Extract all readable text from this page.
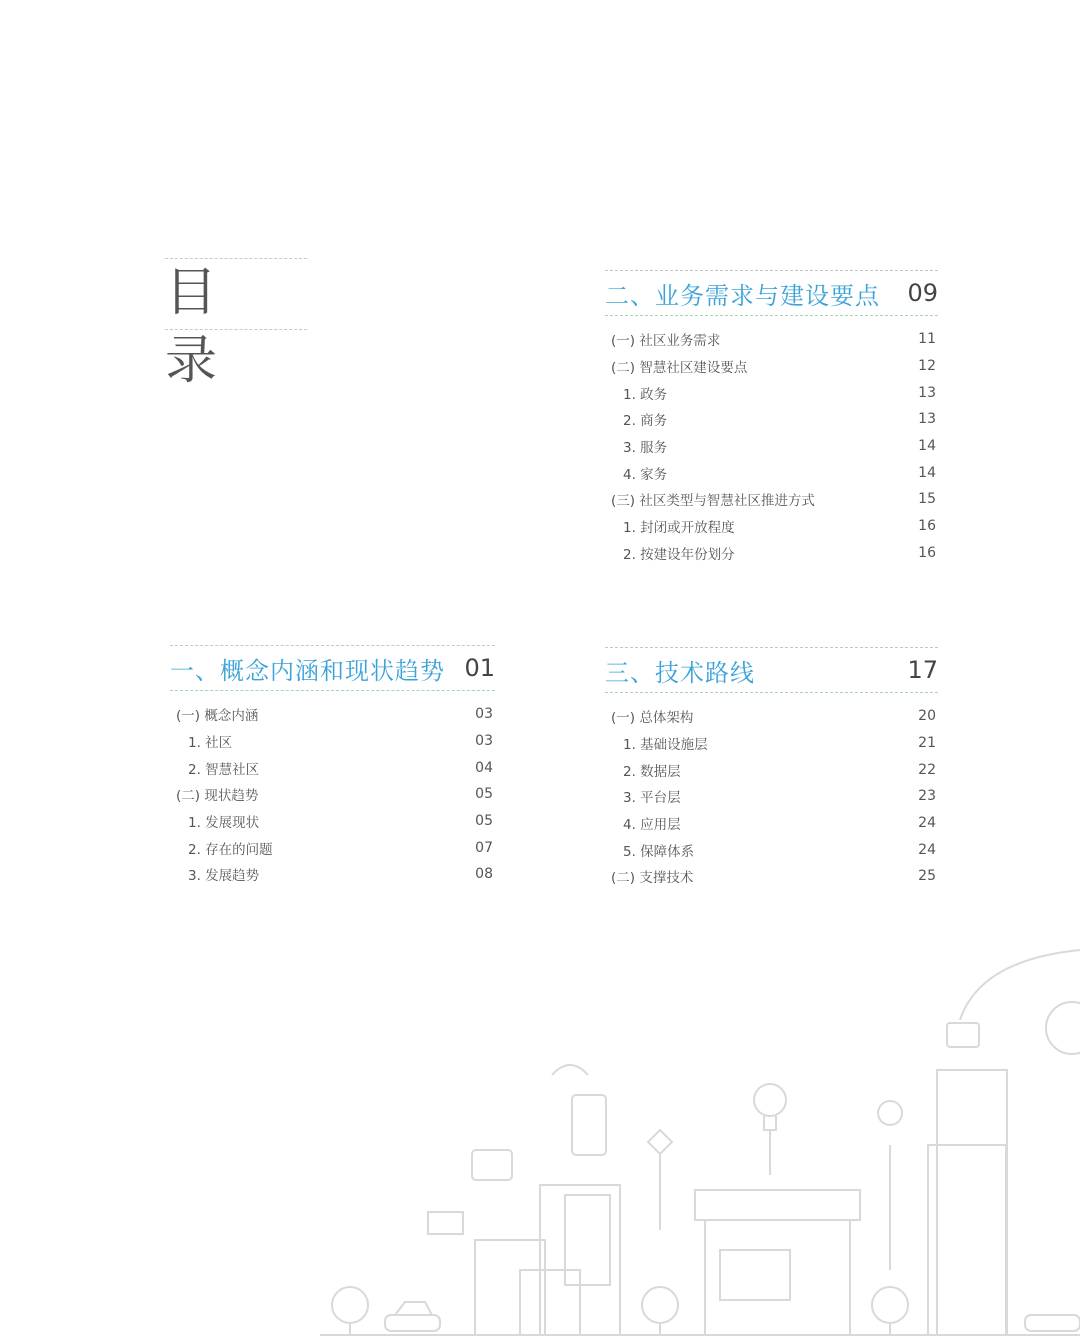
目 录
一、概念内涵和现状趋势 01
(一) 概念内涵	03
1. 社区	03
2. 智慧社区	04
(二) 现状趋势	05
1. 发展现状	05
2. 存在的问题	07
3. 发展趋势	08
二、业务需求与建设要点 09
(一) 社区业务需求	11
(二) 智慧社区建设要点	12
1. 政务	13
2. 商务	13
3. 服务	14
4. 家务	14
(三) 社区类型与智慧社区推进方式	15
1. 封闭或开放程度	16
2. 按建设年份划分	16
三、技术路线	17
(一) 总体架构	20
1. 基础设施层	21
2. 数据层	22
3. 平台层	23
4. 应用层	24
5. 保障体系	24
(二) 支撑技术	25
